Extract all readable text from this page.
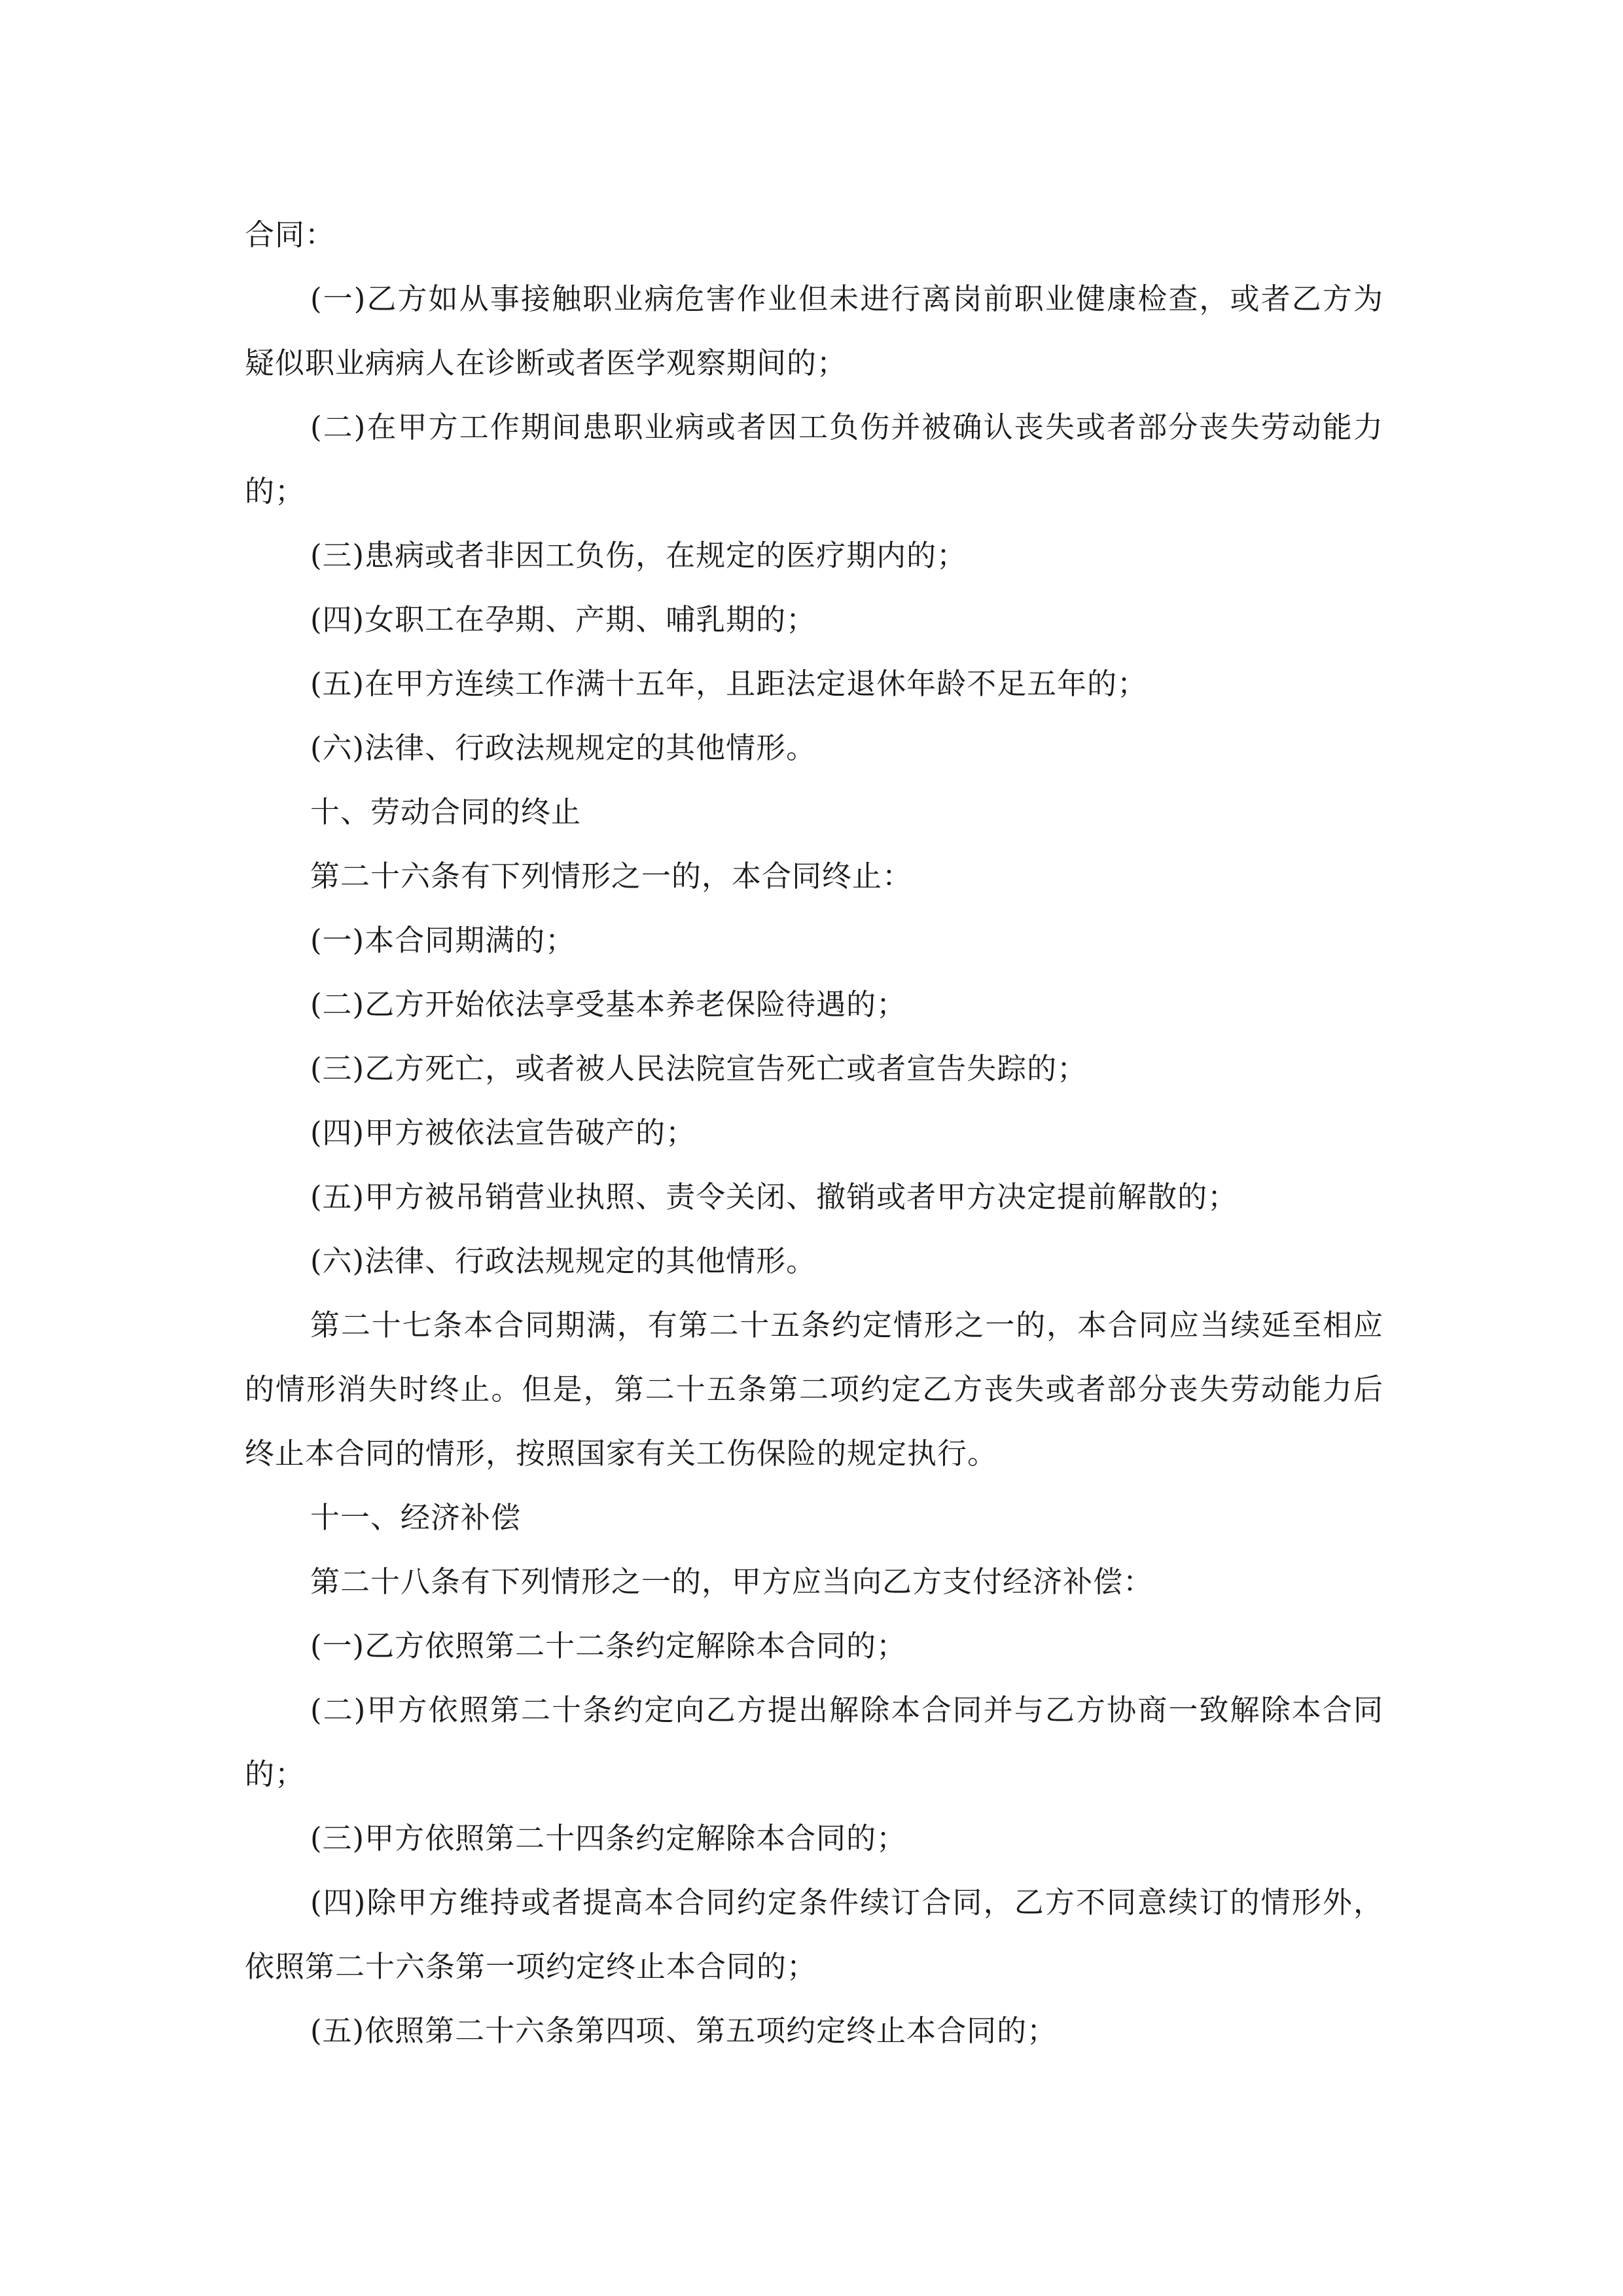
合同：

(一)乙方如从事接触职业病危害作业但未进行离岗前职业健康检查，或者乙方为疑似职业病病人在诊断或者医学观察期间的；

(二)在甲方工作期间患职业病或者因工负伤并被确认丧失或者部分丧失劳动能力的；

(三)患病或者非因工负伤，在规定的医疗期内的；

(四)女职工在孕期、产期、哺乳期的；

(五)在甲方连续工作满十五年，且距法定退休年龄不足五年的；

(六)法律、行政法规规定的其他情形。

十、劳动合同的终止

第二十六条有下列情形之一的，本合同终止：

(一)本合同期满的；

(二)乙方开始依法享受基本养老保险待遇的；

(三)乙方死亡，或者被人民法院宣告死亡或者宣告失踪的；

(四)甲方被依法宣告破产的；

(五)甲方被吊销营业执照、责令关闭、撤销或者甲方决定提前解散的；

(六)法律、行政法规规定的其他情形。

第二十七条本合同期满，有第二十五条约定情形之一的，本合同应当续延至相应的情形消失时终止。但是，第二十五条第二项约定乙方丧失或者部分丧失劳动能力后终止本合同的情形，按照国家有关工伤保险的规定执行。

十一、经济补偿

第二十八条有下列情形之一的，甲方应当向乙方支付经济补偿：

(一)乙方依照第二十二条约定解除本合同的；

(二)甲方依照第二十条约定向乙方提出解除本合同并与乙方协商一致解除本合同的；

(三)甲方依照第二十四条约定解除本合同的；

(四)除甲方维持或者提高本合同约定条件续订合同，乙方不同意续订的情形外，依照第二十六条第一项约定终止本合同的；

(五)依照第二十六条第四项、第五项约定终止本合同的；
